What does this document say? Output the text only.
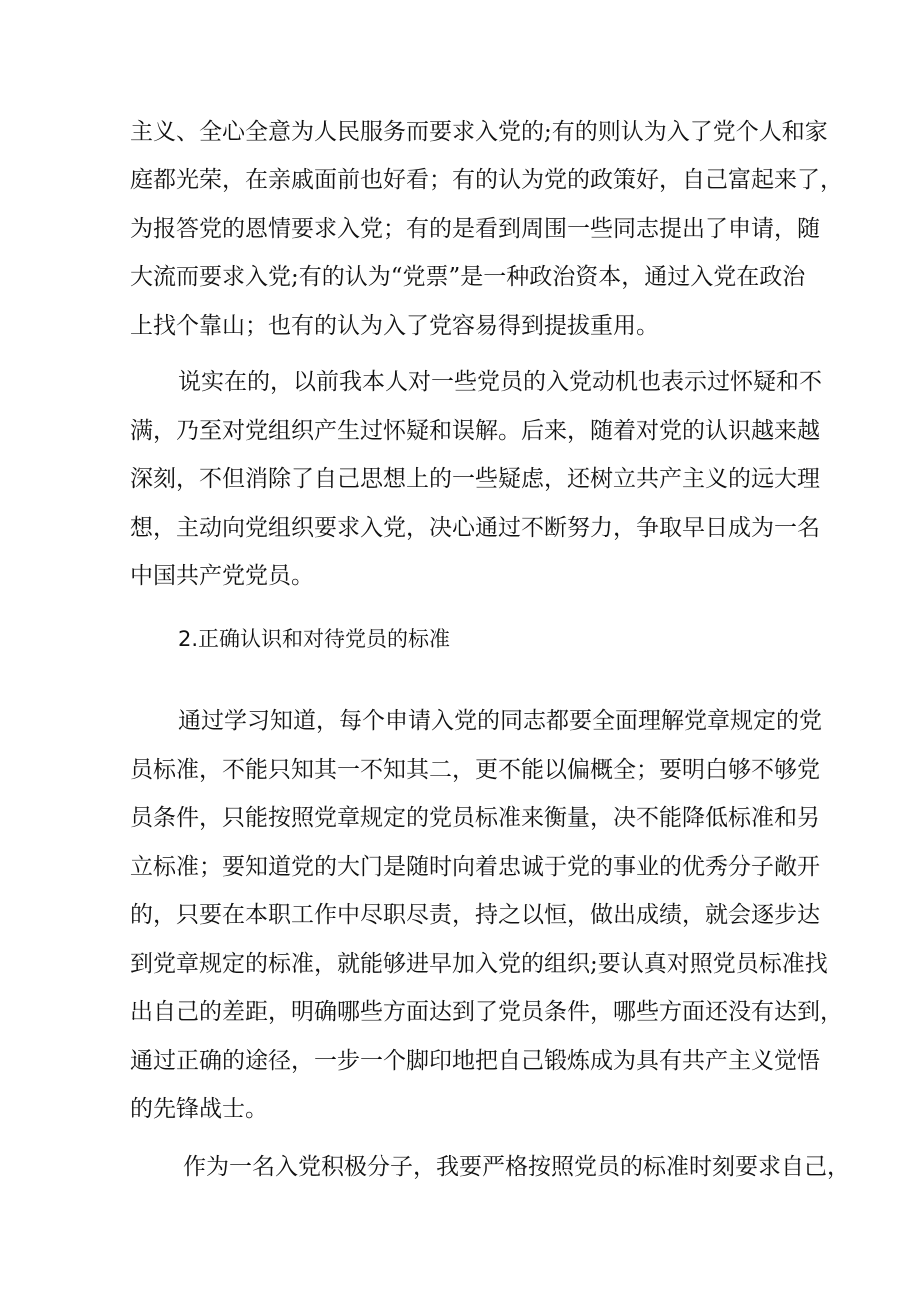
主义、全心全意为人民服务而要求入党的;有的则认为入了党个人和家
庭都光荣，在亲戚面前也好看；有的认为党的政策好，自己富起来了，
为报答党的恩情要求入党；有的是看到周围一些同志提出了申请，随
大流而要求入党;有的认为“党票”是一种政治资本，通过入党在政治
上找个靠山；也有的认为入了党容易得到提拔重用。
说实在的，以前我本人对一些党员的入党动机也表示过怀疑和不
满，乃至对党组织产生过怀疑和误解。后来，随着对党的认识越来越
深刻，不但消除了自己思想上的一些疑虑，还树立共产主义的远大理
想，主动向党组织要求入党，决心通过不断努力，争取早日成为一名
中国共产党党员。
2.正确认识和对待党员的标准
通过学习知道，每个申请入党的同志都要全面理解党章规定的党
员标准，不能只知其一不知其二，更不能以偏概全；要明白够不够党
员条件，只能按照党章规定的党员标准来衡量，决不能降低标准和另
立标准；要知道党的大门是随时向着忠诚于党的事业的优秀分子敞开
的，只要在本职工作中尽职尽责，持之以恒，做出成绩，就会逐步达
到党章规定的标准，就能够进早加入党的组织;要认真对照党员标准找
出自己的差距，明确哪些方面达到了党员条件，哪些方面还没有达到，
通过正确的途径，一步一个脚印地把自己锻炼成为具有共产主义觉悟
的先锋战士。
作为一名入党积极分子，我要严格按照党员的标准时刻要求自己，
